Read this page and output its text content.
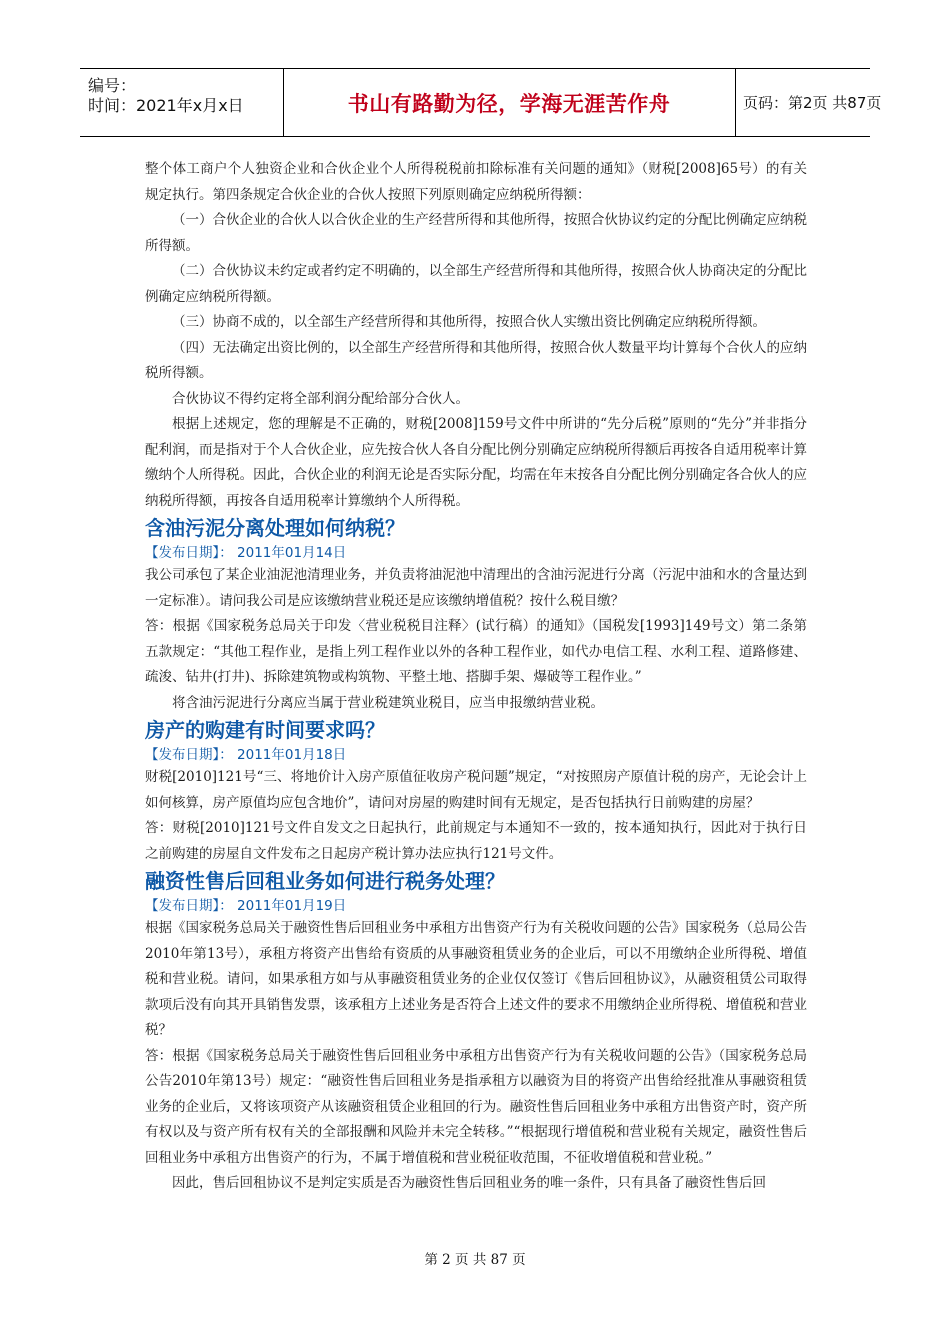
编号：
时间：2021年x月x日	书山有路勤为径，学海无涯苦作舟	页码：第2页 共87页

整个体工商户个人独资企业和合伙企业个人所得税税前扣除标准有关问题的通知》（财税[2008]65号）的有关规定执行。第四条规定合伙企业的合伙人按照下列原则确定应纳税所得额：

（一）合伙企业的合伙人以合伙企业的生产经营所得和其他所得，按照合伙协议约定的分配比例确定应纳税所得额。

（二）合伙协议未约定或者约定不明确的，以全部生产经营所得和其他所得，按照合伙人协商决定的分配比例确定应纳税所得额。

（三）协商不成的，以全部生产经营所得和其他所得，按照合伙人实缴出资比例确定应纳税所得额。

（四）无法确定出资比例的，以全部生产经营所得和其他所得，按照合伙人数量平均计算每个合伙人的应纳税所得额。

合伙协议不得约定将全部利润分配给部分合伙人。

根据上述规定，您的理解是不正确的，财税[2008]159号文件中所讲的“先分后税”原则的“先分”并非指分配利润，而是指对于个人合伙企业，应先按合伙人各自分配比例分别确定应纳税所得额后再按各自适用税率计算缴纳个人所得税。因此，合伙企业的利润无论是否实际分配，均需在年末按各自分配比例分别确定各合伙人的应纳税所得额，再按各自适用税率计算缴纳个人所得税。

含油污泥分离处理如何纳税？
【发布日期】： 2011年01月14日

我公司承包了某企业油泥池清理业务，并负责将油泥池中清理出的含油污泥进行分离（污泥中油和水的含量达到一定标准）。请问我公司是应该缴纳营业税还是应该缴纳增值税？按什么税目缴？

答：根据《国家税务总局关于印发〈营业税税目注释〉(试行稿）的通知》（国税发[1993]149号文）第二条第五款规定：“其他工程作业，是指上列工程作业以外的各种工程作业，如代办电信工程、水利工程、道路修建、疏浚、钻井(打井)、拆除建筑物或构筑物、平整土地、搭脚手架、爆破等工程作业。”

将含油污泥进行分离应当属于营业税建筑业税目，应当申报缴纳营业税。

房产的购建有时间要求吗？
【发布日期】： 2011年01月18日

财税[2010]121号“三、将地价计入房产原值征收房产税问题”规定，“对按照房产原值计税的房产，无论会计上如何核算，房产原值均应包含地价”，请问对房屋的购建时间有无规定，是否包括执行日前购建的房屋？

答：财税[2010]121号文件自发文之日起执行，此前规定与本通知不一致的，按本通知执行，因此对于执行日之前购建的房屋自文件发布之日起房产税计算办法应执行121号文件。

融资性售后回租业务如何进行税务处理？
【发布日期】： 2011年01月19日

根据《国家税务总局关于融资性售后回租业务中承租方出售资产行为有关税收问题的公告》国家税务（总局公告2010年第13号），承租方将资产出售给有资质的从事融资租赁业务的企业后，可以不用缴纳企业所得税、增值税和营业税。请问，如果承租方如与从事融资租赁业务的企业仅仅签订《售后回租协议》，从融资租赁公司取得款项后没有向其开具销售发票，该承租方上述业务是否符合上述文件的要求不用缴纳企业所得税、增值税和营业税？

答：根据《国家税务总局关于融资性售后回租业务中承租方出售资产行为有关税收问题的公告》（国家税务总局公告2010年第13号）规定：“融资性售后回租业务是指承租方以融资为目的将资产出售给经批准从事融资租赁业务的企业后，又将该项资产从该融资租赁企业租回的行为。融资性售后回租业务中承租方出售资产时，资产所有权以及与资产所有权有关的全部报酬和风险并未完全转移。”“根据现行增值税和营业税有关规定，融资性售后回租业务中承租方出售资产的行为，不属于增值税和营业税征收范围，不征收增值税和营业税。”

因此，售后回租协议不是判定实质是否为融资性售后回租业务的唯一条件，只有具备了融资性售后回

第 2 页 共 87 页
